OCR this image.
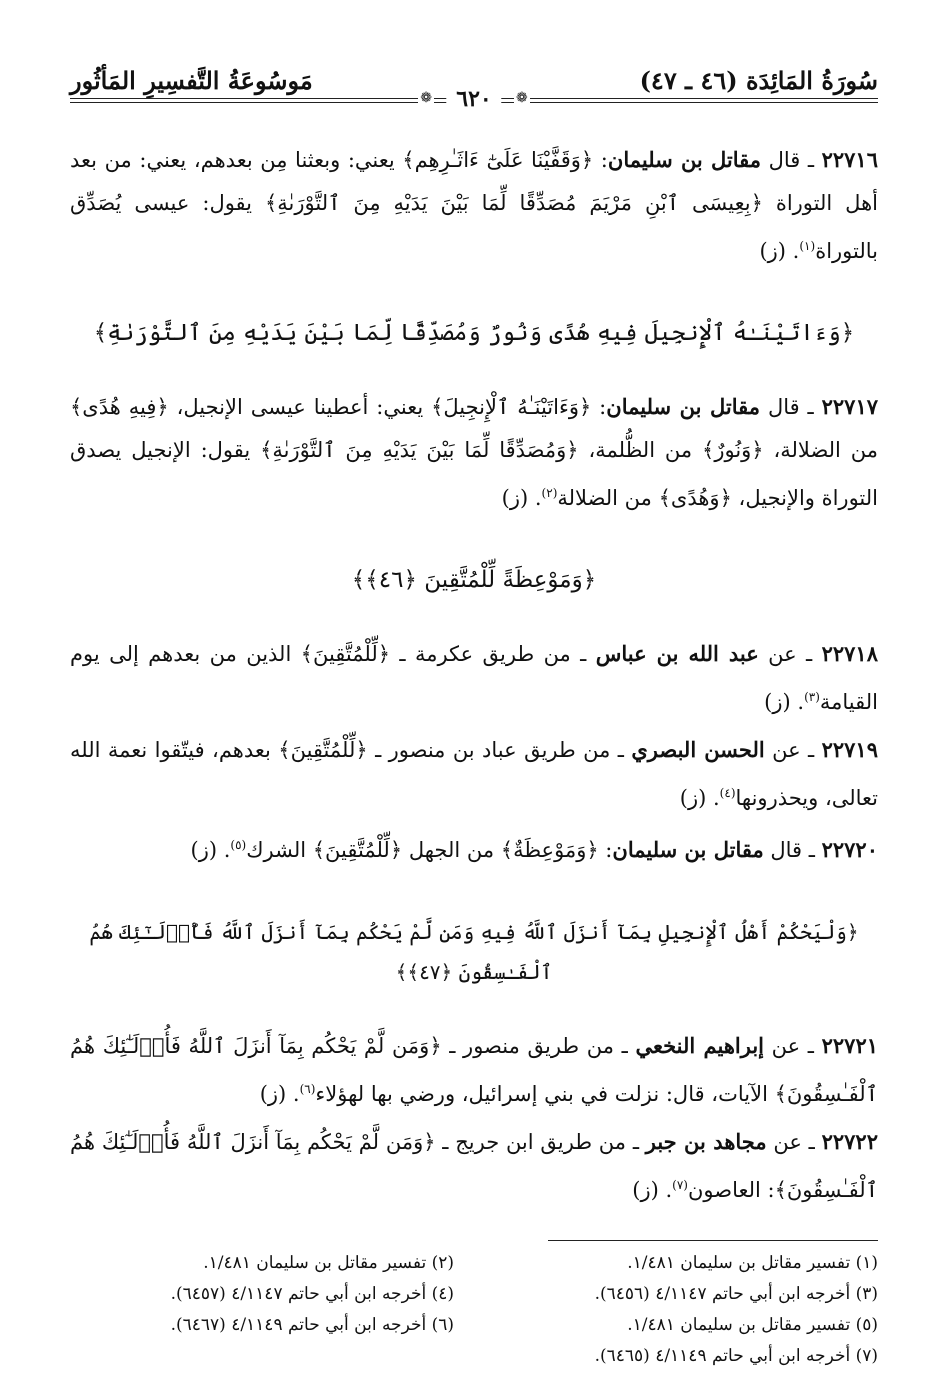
سُورَةُ المَائِدَة (٤٦ ـ ٤٧)
مَوسُوعَةُ التَّفسِيرِ المَأثُور
❁
٦٢٠
❁

٢٢٧١٦ ـ قال مقاتل بن سليمان: ﴿وَقَفَّيْنَا عَلَىٰٓ ءَاثَـٰرِهِم﴾ يعني: وبعثنا مِن بعدهم، يعني: من بعد أهل التوراة ﴿بِعِيسَى ٱبْنِ مَرْيَمَ مُصَدِّقًا لِّمَا بَيْنَ يَدَيْهِ مِنَ ٱلتَّوْرَىٰةِ﴾ يقول: عيسى يُصَدِّق بالتوراة$^{(١)}$. (ز)

﴿وَءَاتَيْنَـٰهُ ٱلْإِنجِيلَ فِيهِ هُدًى وَنُورٌ وَمُصَدِّقًا لِّمَا بَيْنَ يَدَيْهِ مِنَ ٱلتَّوْرَىٰةِ﴾

٢٢٧١٧ ـ قال مقاتل بن سليمان: ﴿وَءَاتَيْنَـٰهُ ٱلْإِنجِيلَ﴾ يعني: أعطينا عيسى الإنجيل، ﴿فِيهِ هُدًى﴾ من الضلالة، ﴿وَنُورٌ﴾ من الظُّلمة، ﴿وَمُصَدِّقًا لِّمَا بَيْنَ يَدَيْهِ مِنَ ٱلتَّوْرَىٰةِ﴾ يقول: الإنجيل يصدق التوراة والإنجيل، ﴿وَهُدًى﴾ من الضلالة$^{(٢)}$. (ز)

﴿وَمَوْعِظَةً لِّلْمُتَّقِينَ ﴿٤٦﴾﴾

٢٢٧١٨ ـ عن عبد الله بن عباس ـ من طريق عكرمة ـ ﴿لِّلْمُتَّقِينَ﴾ الذين من بعدهم إلى يوم القيامة$^{(٣)}$. (ز)

٢٢٧١٩ ـ عن الحسن البصري ـ من طريق عباد بن منصور ـ ﴿لِّلْمُتَّقِينَ﴾ بعدهم، فيتّقوا نعمة الله تعالى، ويحذرونها$^{(٤)}$. (ز)

٢٢٧٢٠ ـ قال مقاتل بن سليمان: ﴿وَمَوْعِظَةٌ﴾ من الجهل ﴿لِّلْمُتَّقِينَ﴾ الشرك$^{(٥)}$. (ز)

﴿وَلْيَحْكُمْ أَهْلُ ٱلْإِنجِيلِ بِمَآ أَنزَلَ ٱللَّهُ فِيهِ وَمَن لَّمْ يَحْكُم بِمَآ أَنزَلَ ٱللَّهُ فَأُو۟لَـٰٓئِكَ هُمُ ٱلْفَـٰسِقُونَ ﴿٤٧﴾﴾

٢٢٧٢١ ـ عن إبراهيم النخعي ـ من طريق منصور ـ ﴿وَمَن لَّمْ يَحْكُم بِمَآ أَنزَلَ ٱللَّهُ فَأُو۟لَـٰٓئِكَ هُمُ ٱلْفَـٰسِقُونَ﴾ الآيات، قال: نزلت في بني إسرائيل، ورضي بها لهؤلاء$^{(٦)}$. (ز)

٢٢٧٢٢ ـ عن مجاهد بن جبر ـ من طريق ابن جريج ـ ﴿وَمَن لَّمْ يَحْكُم بِمَآ أَنزَلَ ٱللَّهُ فَأُو۟لَـٰٓئِكَ هُمُ ٱلْفَـٰسِقُونَ﴾: العاصون$^{(٧)}$. (ز)

(١) تفسير مقاتل بن سليمان ١/٤٨١.
(٢) تفسير مقاتل بن سليمان ١/٤٨١.
(٣) أخرجه ابن أبي حاتم ٤/١١٤٧ (٦٤٥٦).
(٤) أخرجه ابن أبي حاتم ٤/١١٤٧ (٦٤٥٧).
(٥) تفسير مقاتل بن سليمان ١/٤٨١.
(٦) أخرجه ابن أبي حاتم ٤/١١٤٩ (٦٤٦٧).
(٧) أخرجه ابن أبي حاتم ٤/١١٤٩ (٦٤٦٥).
